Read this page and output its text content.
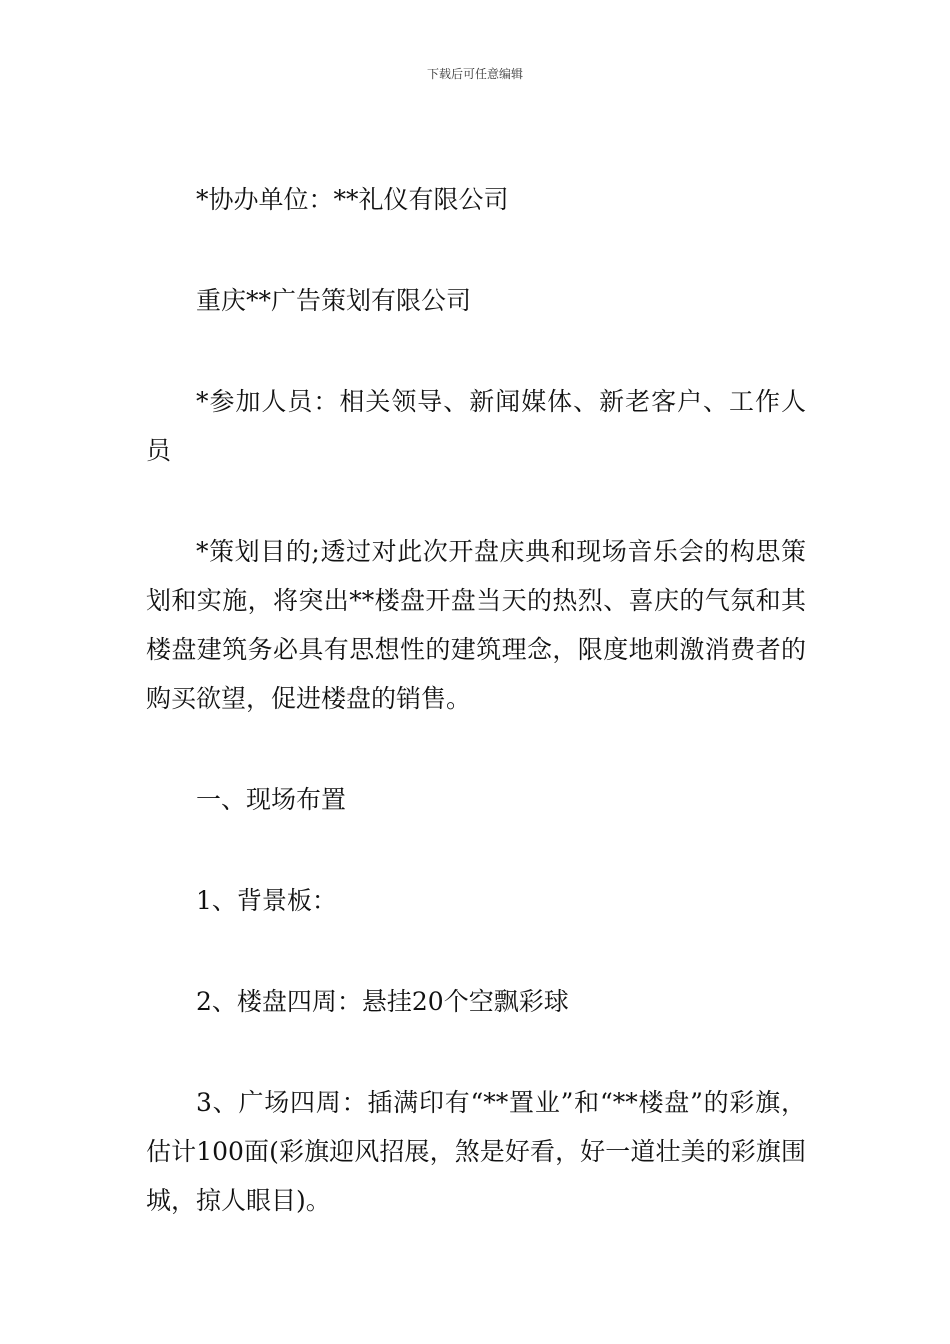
下载后可任意编辑

*协办单位：**礼仪有限公司

重庆**广告策划有限公司

*参加人员：相关领导、新闻媒体、新老客户、工作人员

*策划目的;透过对此次开盘庆典和现场音乐会的构思策划和实施，将突出**楼盘开盘当天的热烈、喜庆的气氛和其楼盘建筑务必具有思想性的建筑理念，限度地刺激消费者的购买欲望，促进楼盘的销售。

一、现场布置

1、背景板：

2、楼盘四周：悬挂20个空飘彩球

3、广场四周：插满印有“**置业”和“**楼盘”的彩旗，估计100面(彩旗迎风招展，煞是好看，好一道壮美的彩旗围城，掠人眼目)。
